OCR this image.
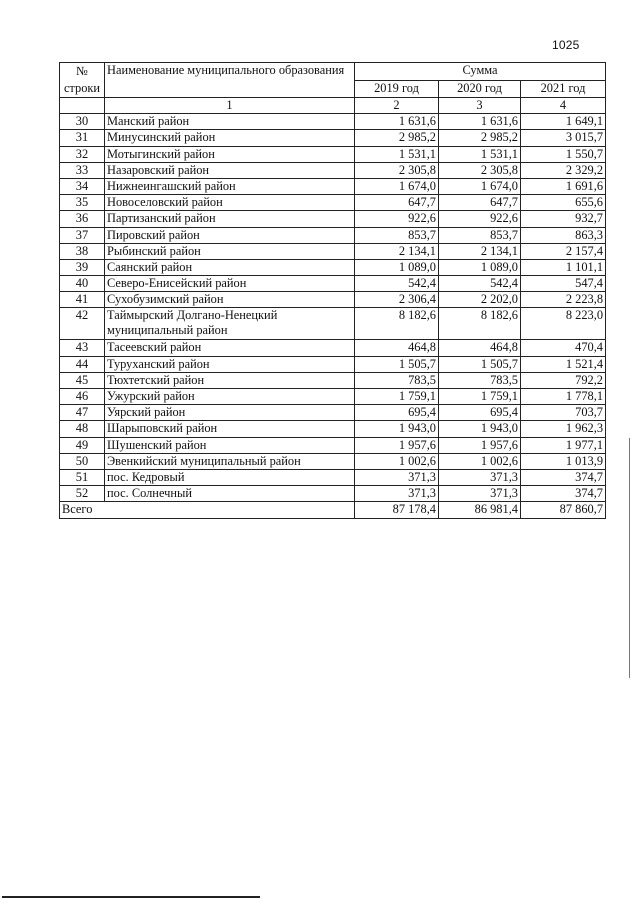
1025
№
строки	Наименование муниципального образования	Сумма		
		2019 год	2020 год	2021 год
	1	2	3	4
30	Манский район	1 631,6	1 631,6	1 649,1
31	Минусинский район	2 985,2	2 985,2	3 015,7
32	Мотыгинский район	1 531,1	1 531,1	1 550,7
33	Назаровский район	2 305,8	2 305,8	2 329,2
34	Нижнеингашский район	1 674,0	1 674,0	1 691,6
35	Новоселовский район	647,7	647,7	655,6
36	Партизанский район	922,6	922,6	932,7
37	Пировский район	853,7	853,7	863,3
38	Рыбинский район	2 134,1	2 134,1	2 157,4
39	Саянский район	1 089,0	1 089,0	1 101,1
40	Северо-Енисейский район	542,4	542,4	547,4
41	Сухобузимский район	2 306,4	2 202,0	2 223,8
42	Таймырский Долгано-Ненецкий муниципальный район	8 182,6	8 182,6	8 223,0
43	Тасеевский район	464,8	464,8	470,4
44	Туруханский район	1 505,7	1 505,7	1 521,4
45	Тюхтетский район	783,5	783,5	792,2
46	Ужурский район	1 759,1	1 759,1	1 778,1
47	Уярский район	695,4	695,4	703,7
48	Шарыповский район	1 943,0	1 943,0	1 962,3
49	Шушенский район	1 957,6	1 957,6	1 977,1
50	Эвенкийский муниципальный район	1 002,6	1 002,6	1 013,9
51	пос. Кедровый	371,3	371,3	374,7
52	пос. Солнечный	371,3	371,3	374,7
Всего		87 178,4	86 981,4	87 860,7
